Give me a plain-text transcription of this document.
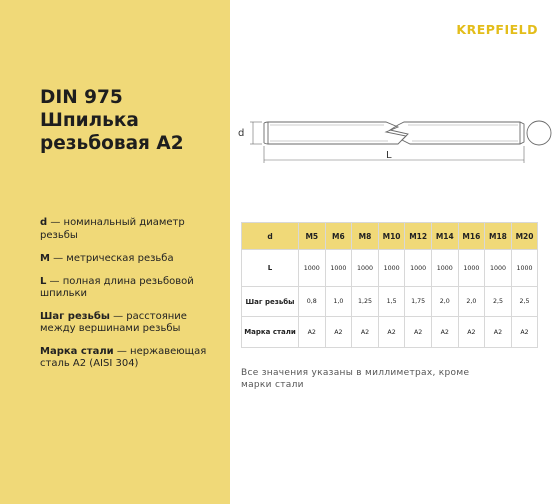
KREPFIELD
DIN 975
Шпилька
резьбовая А2
d — номинальный диаметр резьбы
M — метрическая резьба
L — полная длина резьбовой шпильки
Шаг резьбы — расстояние между вершинами резьбы
Марка стали — нержавеющая сталь А2 (AISI 304)
d
L
d	M5	M6	M8	M10	M12	M14	M16	M18	M20
L	1000	1000	1000	1000	1000	1000	1000	1000	1000
Шаг резьбы	0,8	1,0	1,25	1,5	1,75	2,0	2,0	2,5	2,5
Марка стали	A2	A2	A2	A2	A2	A2	A2	A2	A2
Все значения указаны в миллиметрах, кроме марки стали
